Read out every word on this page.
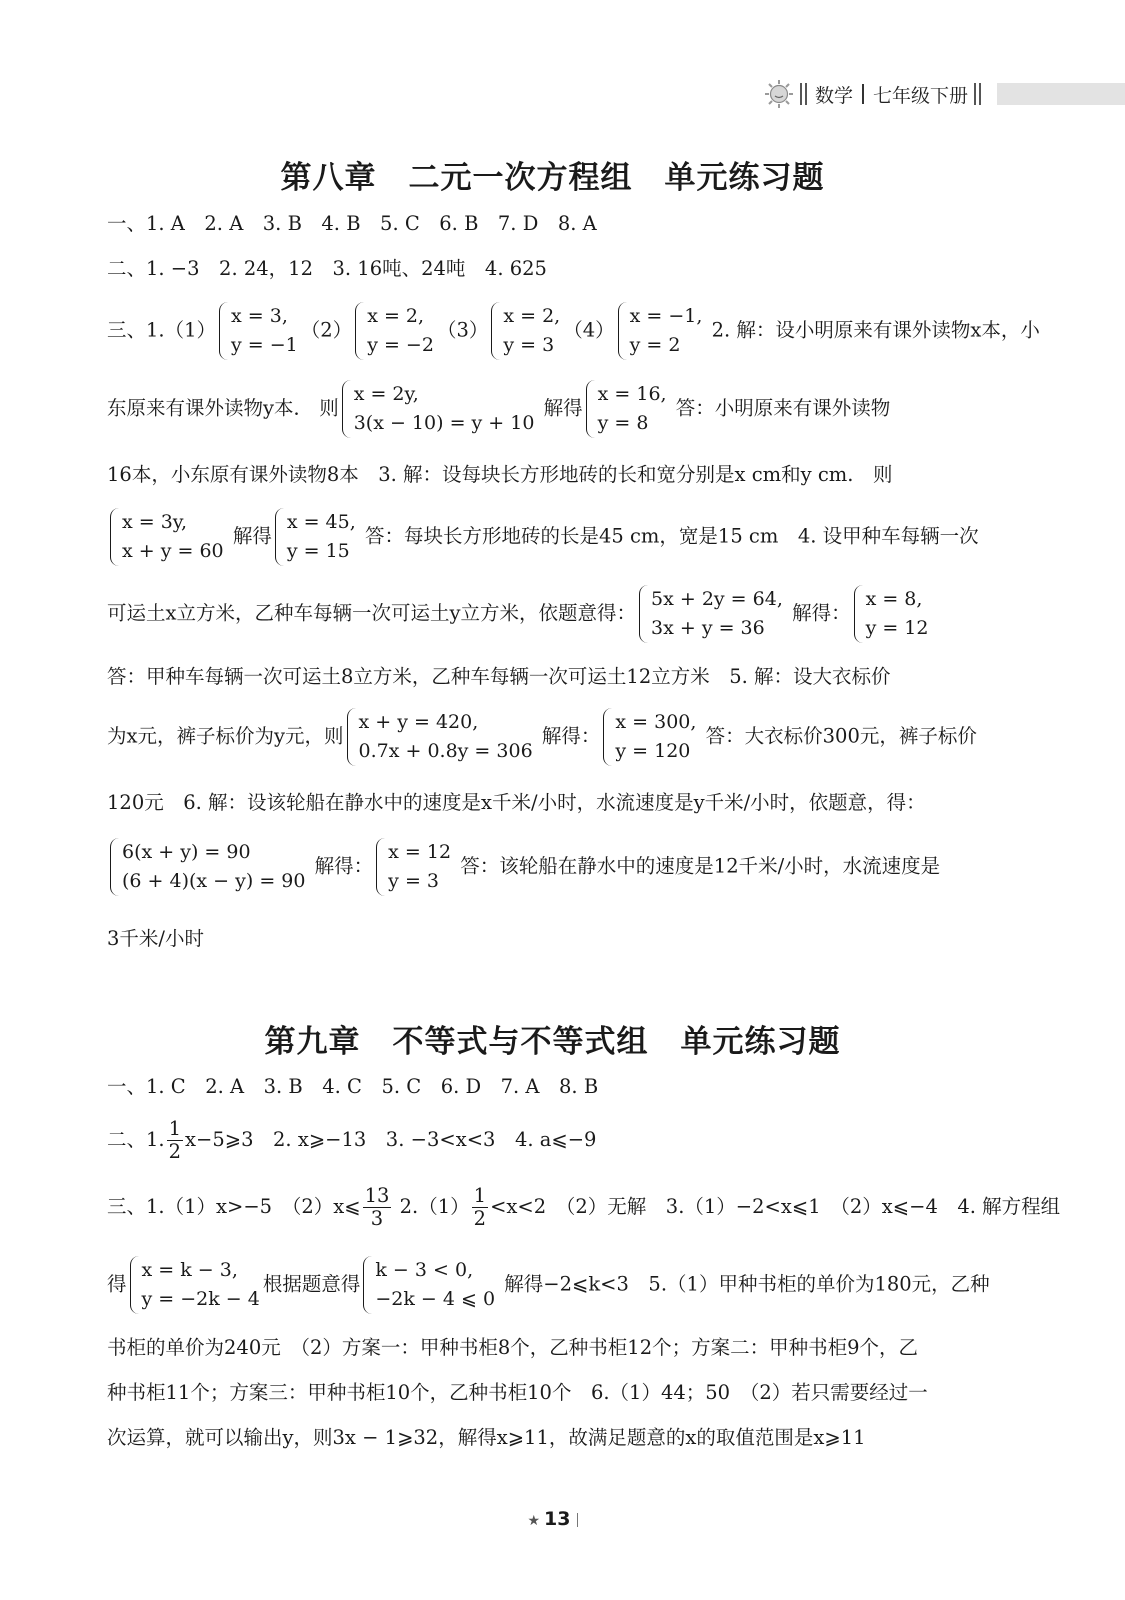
数学 七年级下册
第八章　二元一次方程组　单元练习题
一、1. A　2. A　3. B　4. B　5. C　6. B　7. D　8. A
二、1. −3　2. 24，12　3. 16吨、24吨　4. 625
三、1.（1）
x = 3,
y = −1
（2）
x = 2,
y = −2
（3）
x = 2,
y = 3
（4）
x = −1,
y = 2
2. 解：设小明原来有课外读物x本，小
东原来有课外读物y本． 则
x = 2y,
3(x − 10) = y + 10
解得
x = 16,
y = 8
答：小明原来有课外读物
16本，小东原有课外读物8本　3. 解：设每块长方形地砖的长和宽分别是x cm和y cm.　则
x = 3y,
x + y = 60
解得
x = 45,
y = 15
答：每块长方形地砖的长是45 cm，宽是15 cm　4. 设甲种车每辆一次
可运土x立方米，乙种车每辆一次可运土y立方米，依题意得：
5x + 2y = 64,
3x + y = 36
解得：
x = 8,
y = 12
答：甲种车每辆一次可运土8立方米，乙种车每辆一次可运土12立方米　5. 解：设大衣标价
为x元，裤子标价为y元，则
x + y = 420,
0.7x + 0.8y = 306
解得：
x = 300,
y = 120
答：大衣标价300元，裤子标价
120元　6. 解：设该轮船在静水中的速度是x千米/小时，水流速度是y千米/小时，依题意，得：
6(x + y) = 90
(6 + 4)(x − y) = 90
解得：
x = 12
y = 3
答：该轮船在静水中的速度是12千米/小时，水流速度是
3千米/小时
第九章　不等式与不等式组　单元练习题
一、1. C　2. A　3. B　4. C　5. C　6. D　7. A　8. B
二、1. $\frac{1}{2}$ x−5⩾3　2. x⩾−13　3. −3<x<3　4. a⩽−9
三、1.（1）x>−5　（2）x⩽ $\frac{13}{3} 2.(1) \frac{1}{2} <x<2$　（2）无解　3.（1）−2<x⩽1　（2）x⩽−4　4. 解方程组
得
x = k − 3,
y = −2k − 4
根据题意得
k − 3 < 0,
−2k − 4 ⩽ 0
解得−2⩽k<3　5.（1）甲种书柜的单价为180元，乙种
书柜的单价为240元　（2）方案一：甲种书柜8个，乙种书柜12个；方案二：甲种书柜9个，乙
种书柜11个；方案三：甲种书柜10个，乙种书柜10个　6.（1）44；50　（2）若只需要经过一
次运算，就可以输出y，则3x − 1⩾32，解得x⩾11，故满足题意的x的取值范围是x⩾11
★ 13
